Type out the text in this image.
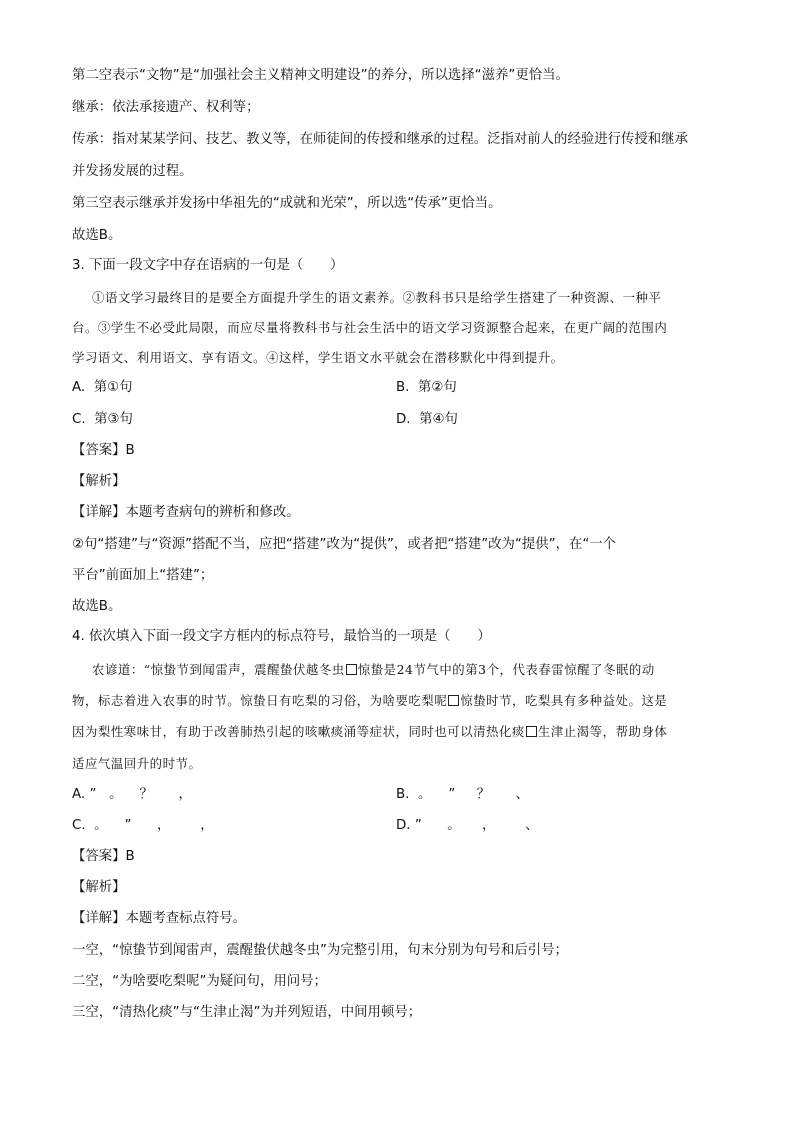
第二空表示“文物”是“加强社会主义精神文明建设”的养分，所以选择“滋养”更恰当。
继承：依法承接遗产、权利等；
传承：指对某某学问、技艺、教义等，在师徒间的传授和继承的过程。泛指对前人的经验进行传授和继承
并发扬发展的过程。
第三空表示继承并发扬中华祖先的“成就和光荣”，所以选“传承”更恰当。
故选B。
3. 下面一段文字中存在语病的一句是（　　）
①语文学习最终目的是要全方面提升学生的语文素养。②教科书只是给学生搭建了一种资源、一种平
台。③学生不必受此局限，而应尽量将教科书与社会生活中的语文学习资源整合起来，在更广阔的范围内
学习语文、利用语文、享有语文。④这样，学生语文水平就会在潜移默化中得到提升。
A.  第①句	B.  第②句
C.  第③句	D.  第④句
【答案】B
【解析】
【详解】本题考查病句的辨析和修改。
②句“搭建”与“资源”搭配不当，应把“搭建”改为“提供”，或者把“搭建”改为“提供”，在“一个
平台”前面加上“搭建”；
故选B。
4. 依次填入下面一段文字方框内的标点符号，最恰当的一项是（　　）
农谚道：“惊蛰节到闻雷声，震醒蛰伏越冬虫 惊蛰是24节气中的第3个，代表春雷惊醒了冬眠的动
物，标志着进入农事的时节。惊蛰日有吃梨的习俗，为啥要吃梨呢 惊蛰时节，吃梨具有多种益处。这是
因为梨性寒味甘，有助于改善肺热引起的咳嗽痰涌等症状，同时也可以清热化痰 生津止渴等，帮助身体
适应气温回升的时节。
A. ”   。    ？      ，	B.  。    ”     ？      、
C.  。    ”      ，       ，	D. ”      。     ，       、
【答案】B
【解析】
【详解】本题考查标点符号。
一空，“惊蛰节到闻雷声，震醒蛰伏越冬虫”为完整引用，句末分别为句号和后引号；
二空，“为啥要吃梨呢”为疑问句，用问号；
三空，“清热化痰”与“生津止渴”为并列短语，中间用顿号；
